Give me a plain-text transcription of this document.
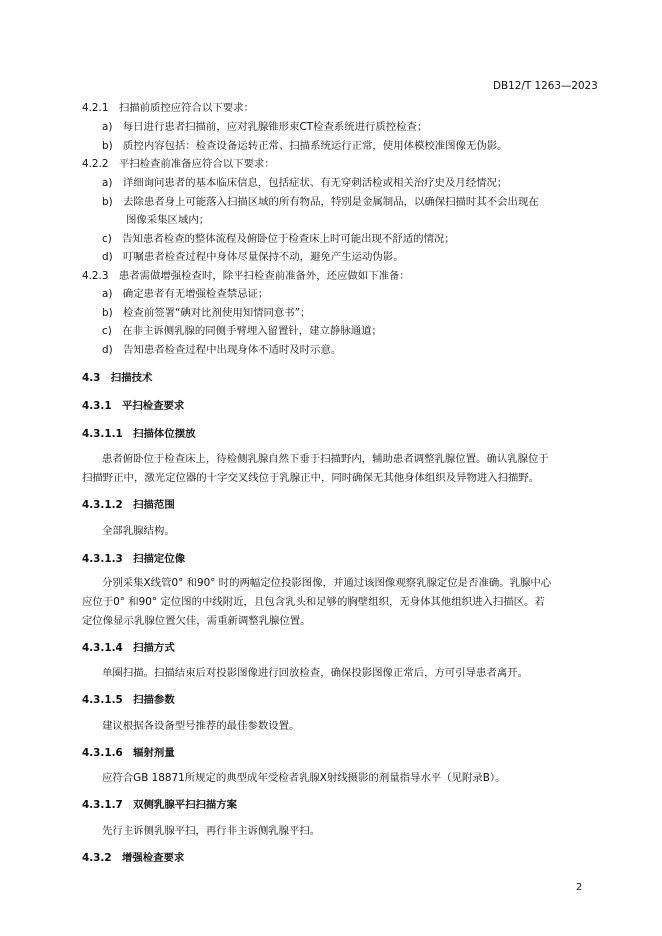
DB12/T 1263—2023
4.2.1　扫描前质控应符合以下要求：
a)　每日进行患者扫描前，应对乳腺锥形束CT检查系统进行质控检查；
b)　质控内容包括：检查设备运转正常、扫描系统运行正常，使用体模校准图像无伪影。
4.2.2　平扫检查前准备应符合以下要求：
a)　详细询问患者的基本临床信息，包括症状、有无穿刺活检或相关治疗史及月经情况；
b)　去除患者身上可能落入扫描区域的所有物品，特别是金属制品，以确保扫描时其不会出现在
图像采集区域内；
c)　告知患者检查的整体流程及俯卧位于检查床上时可能出现不舒适的情况；
d)　叮嘱患者检查过程中身体尽量保持不动，避免产生运动伪影。
4.2.3　患者需做增强检查时，除平扫检查前准备外，还应做如下准备：
a)　确定患者有无增强检查禁忌证；
b)　检查前签署“碘对比剂使用知情同意书”；
c)　在非主诉侧乳腺的同侧手臂埋入留置针，建立静脉通道；
d)　告知患者检查过程中出现身体不适时及时示意。
4.3　扫描技术
4.3.1　平扫检查要求
4.3.1.1　扫描体位摆放
患者俯卧位于检查床上，待检侧乳腺自然下垂于扫描野内，辅助患者调整乳腺位置。确认乳腺位于
扫描野正中，激光定位器的十字交叉线位于乳腺正中，同时确保无其他身体组织及异物进入扫描野。
4.3.1.2　扫描范围
全部乳腺结构。
4.3.1.3　扫描定位像
分别采集X线管0° 和90° 时的两幅定位投影图像，并通过该图像观察乳腺定位是否准确。乳腺中心
应位于0° 和90° 定位图的中线附近，且包含乳头和足够的胸壁组织，无身体其他组织进入扫描区。若
定位像显示乳腺位置欠佳，需重新调整乳腺位置。
4.3.1.4　扫描方式
单圈扫描。扫描结束后对投影图像进行回放检查，确保投影图像正常后，方可引导患者离开。
4.3.1.5　扫描参数
建议根据各设备型号推荐的最佳参数设置。
4.3.1.6　辐射剂量
应符合GB 18871所规定的典型成年受检者乳腺X射线摄影的剂量指导水平（见附录B）。
4.3.1.7　双侧乳腺平扫扫描方案
先行主诉侧乳腺平扫，再行非主诉侧乳腺平扫。
4.3.2　增强检查要求
2
